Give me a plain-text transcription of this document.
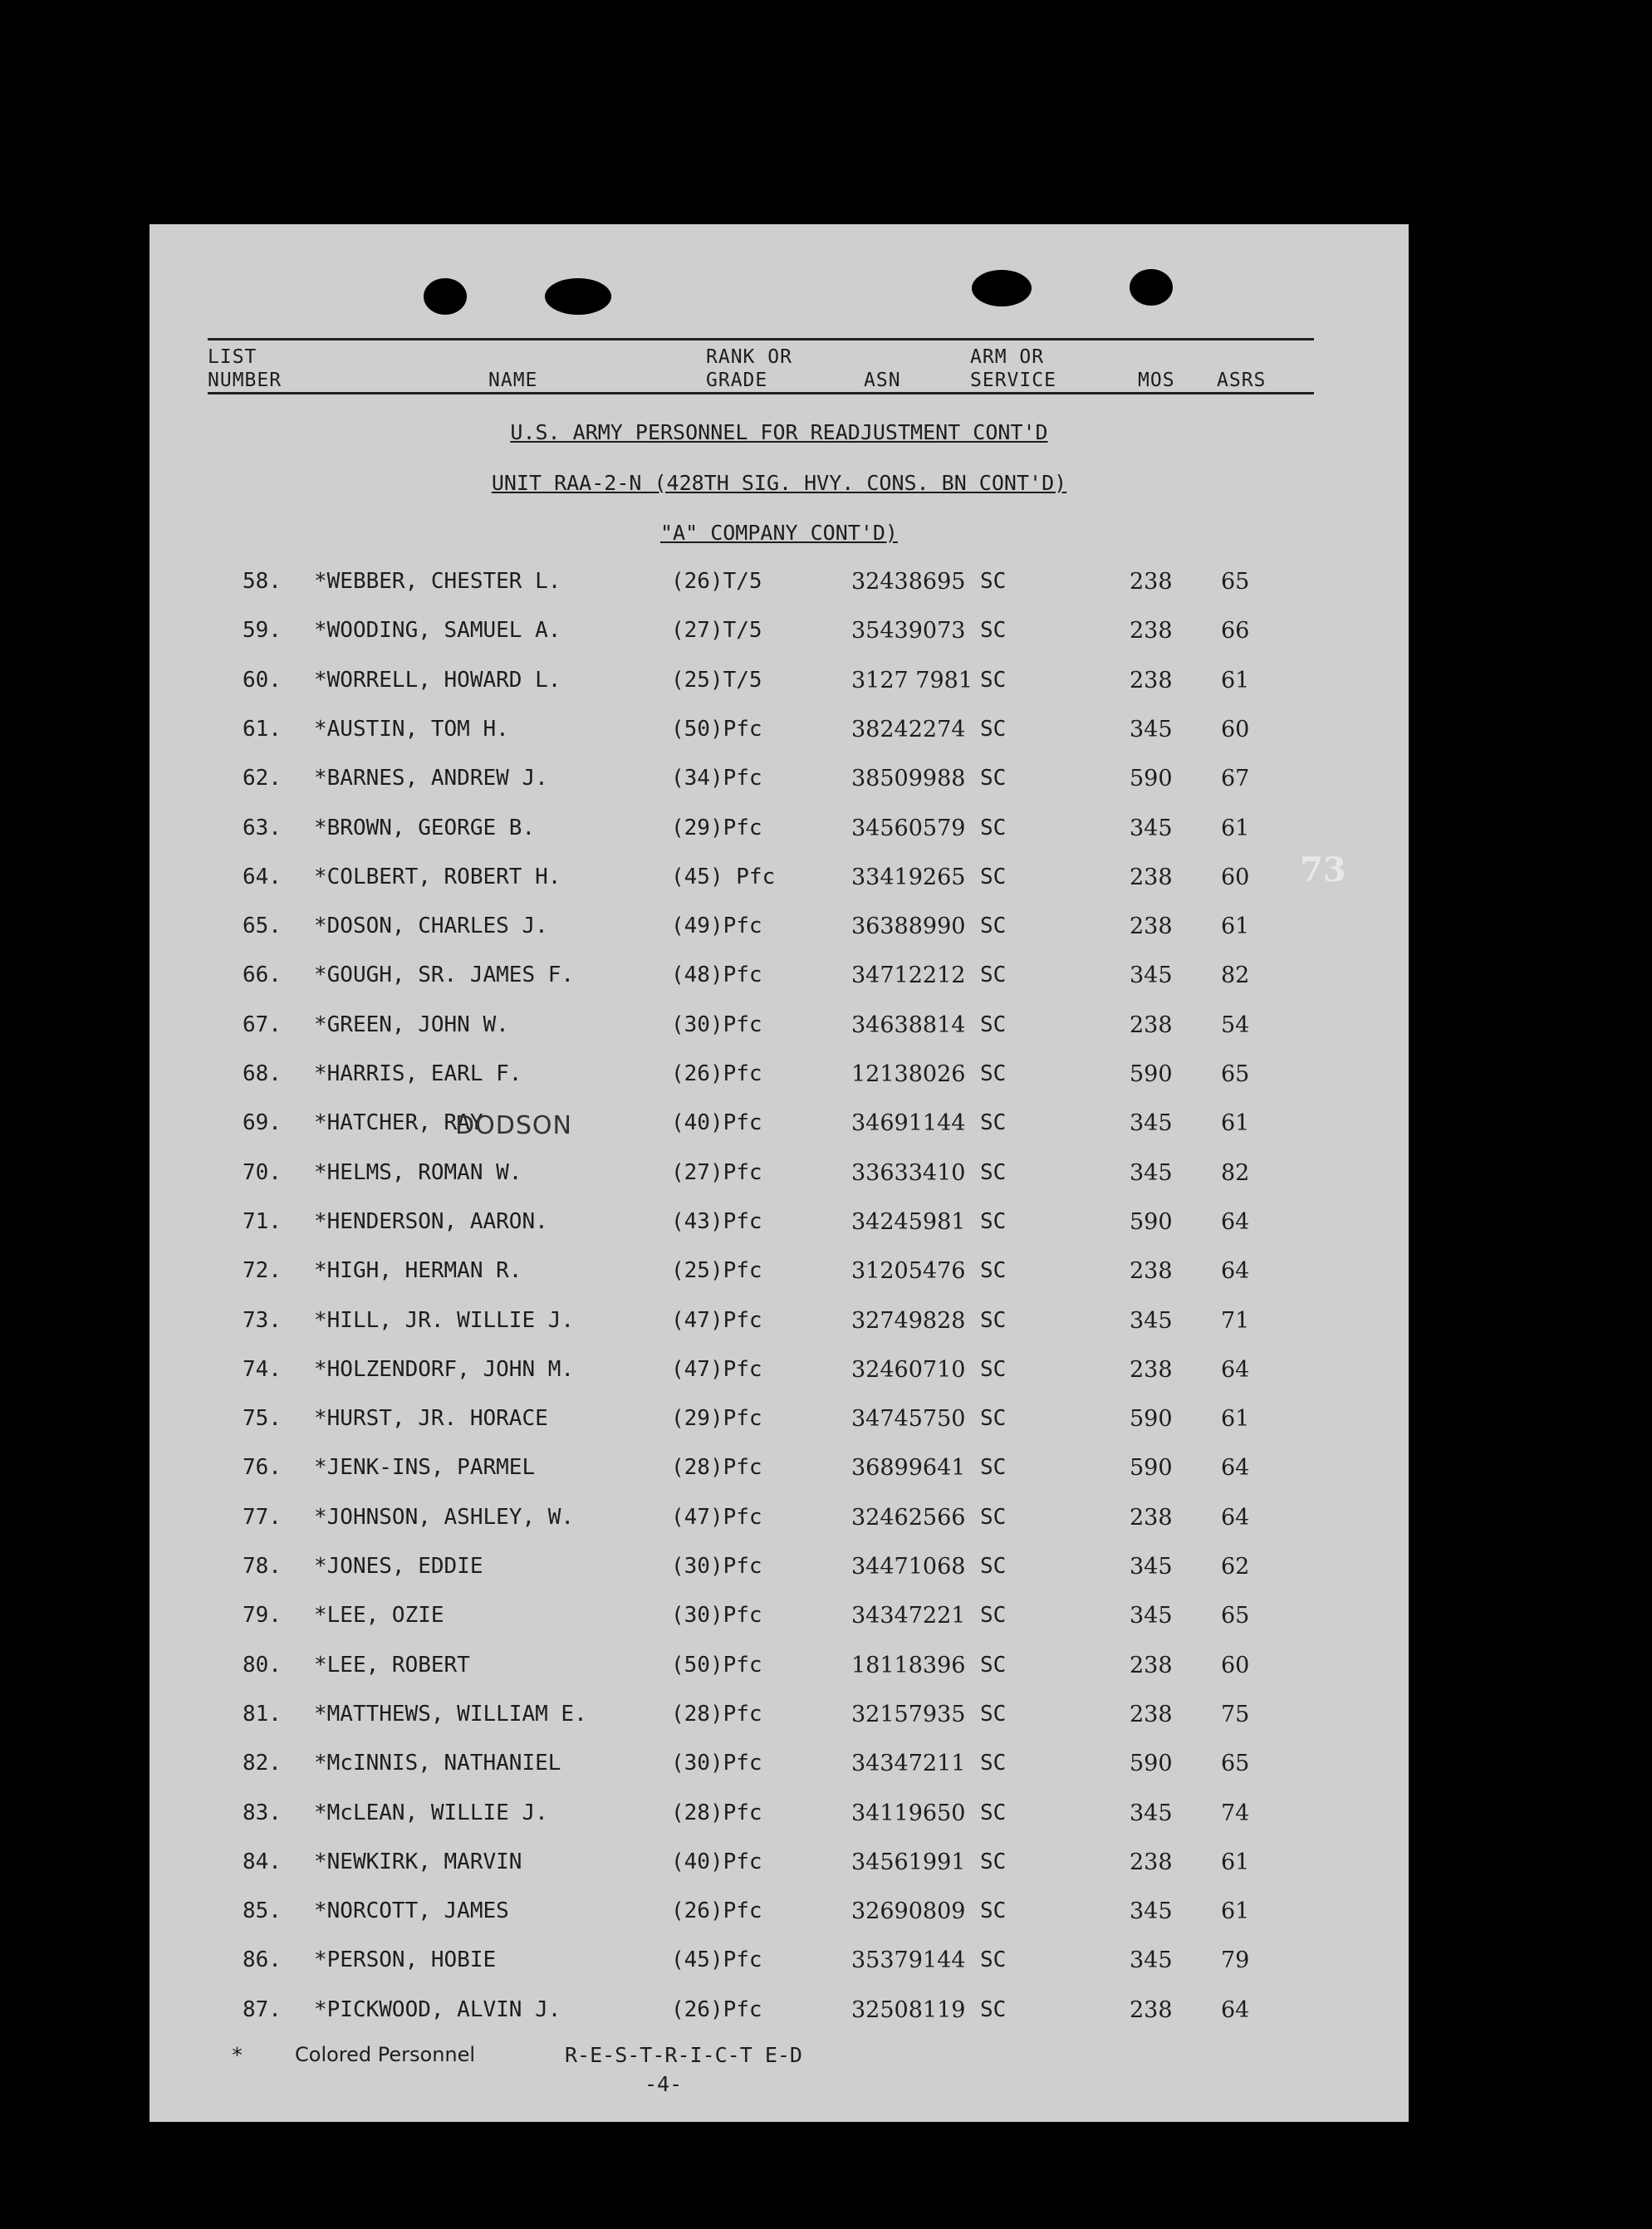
LIST
NUMBER	NAME
RANK OR
GRADE	ASN
ARM OR
SERVICE	MOS ASRS
U.S. ARMY PERSONNEL FOR READJUSTMENT CONT'D
UNIT RAA-2-N (428TH SIG. HVY. CONS. BN CONT'D)
"A" COMPANY CONT'D)
58. *WEBBER, CHESTER L.	(26)T/5	32438695 SC	238 65
59. *WOODING, SAMUEL A.	(27)T/5	35439073 SC	238 66
60. *WORRELL, HOWARD L.	(25)T/5	3127 7981 SC	238 61
61. *AUSTIN, TOM H.	(50)Pfc	38242274 SC	345 60
62. *BARNES, ANDREW J.	(34)Pfc	38509988 SC	590 67
63. *BROWN, GEORGE B.	(29)Pfc	34560579 SC	345 61
64. *COLBERT, ROBERT H.	(45) Pfc	33419265 SC	238 60
65. *DOSON, CHARLES J.	(49)Pfc	36388990 SC	238 61
66. *GOUGH, SR. JAMES F.	(48)Pfc	34712212 SC	345 82
67. *GREEN, JOHN W.	(30)Pfc	34638814 SC	238 54
68. *HARRIS, EARL F.	(26)Pfc	12138026 SC	590 65
69. *HATCHER, RAY	(40)Pfc	34691144 SC	345 61
70. *HELMS, ROMAN W.	(27)Pfc	33633410 SC	345 82
71. *HENDERSON, AARON.	(43)Pfc	34245981 SC	590 64
72. *HIGH, HERMAN R.	(25)Pfc	31205476 SC	238 64
73. *HILL, JR. WILLIE J.	(47)Pfc	32749828 SC	345 71
74. *HOLZENDORF, JOHN M.	(47)Pfc	32460710 SC	238 64
75. *HURST, JR. HORACE	(29)Pfc	34745750 SC	590 61
76. *JENK-INS, PARMEL	(28)Pfc	36899641 SC	590 64
77. *JOHNSON, ASHLEY, W.	(47)Pfc	32462566 SC	238 64
78. *JONES, EDDIE	(30)Pfc	34471068 SC	345 62
79. *LEE, OZIE	(30)Pfc	34347221 SC	345 65
80. *LEE, ROBERT	(50)Pfc	18118396 SC	238 60
81. *MATTHEWS, WILLIAM E.	(28)Pfc	32157935 SC	238 75
82. *McINNIS, NATHANIEL	(30)Pfc	34347211 SC	590 65
83. *McLEAN, WILLIE J.	(28)Pfc	34119650 SC	345 74
84. *NEWKIRK, MARVIN	(40)Pfc	34561991 SC	238 61
85. *NORCOTT, JAMES	(26)Pfc	32690809 SC	345 61
86. *PERSON, HOBIE	(45)Pfc	35379144 SC	345 79
87. *PICKWOOD, ALVIN J.	(26)Pfc	32508119 SC	238 64
DODSON
*	Colored Personnel	R-E-S-T-R-I-C-T E-D
-4-
73
